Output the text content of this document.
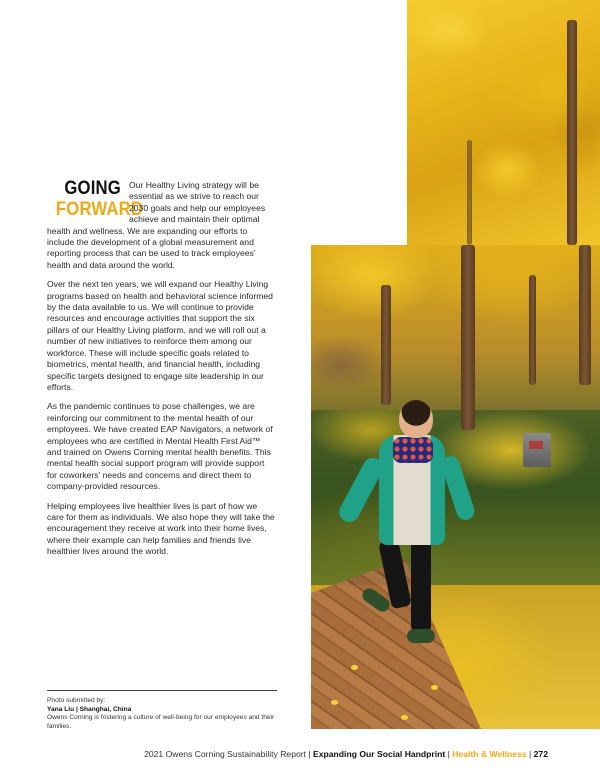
GOING
FORWARD

Our Healthy Living strategy will be essential as we strive to reach our 2030 goals and help our employees achieve and maintain their optimal health and wellness. We are expanding our efforts to include the development of a global measurement and reporting process that can be used to track employees' health and data around the world.

Over the next ten years, we will expand our Healthy Living programs based on health and behavioral science informed by the data available to us. We will continue to provide resources and encourage activities that support the six pillars of our Healthy Living platform, and we will roll out a number of new initiatives to reinforce them among our workforce. These will include specific goals related to biometrics, mental health, and financial health, including specific targets designed to engage site leadership in our efforts.

As the pandemic continues to pose challenges, we are reinforcing our commitment to the mental health of our employees. We have created EAP Navigators, a network of employees who are certified in Mental Health First Aid™ and trained on Owens Corning mental health benefits. This mental health social support program will provide support for coworkers' needs and concerns and direct them to company-provided resources.

Helping employees live healthier lives is part of how we care for them as individuals. We also hope they will take the encouragement they receive at work into their home lives, where their example can help families and friends live healthier lives around the world.

Photo submitted by:
Yana Liu | Shanghai, China
Owens Corning is fostering a culture of well-being for our employees and their families.
2021 Owens Corning Sustainability Report | Expanding Our Social Handprint | Health & Wellness | 272
